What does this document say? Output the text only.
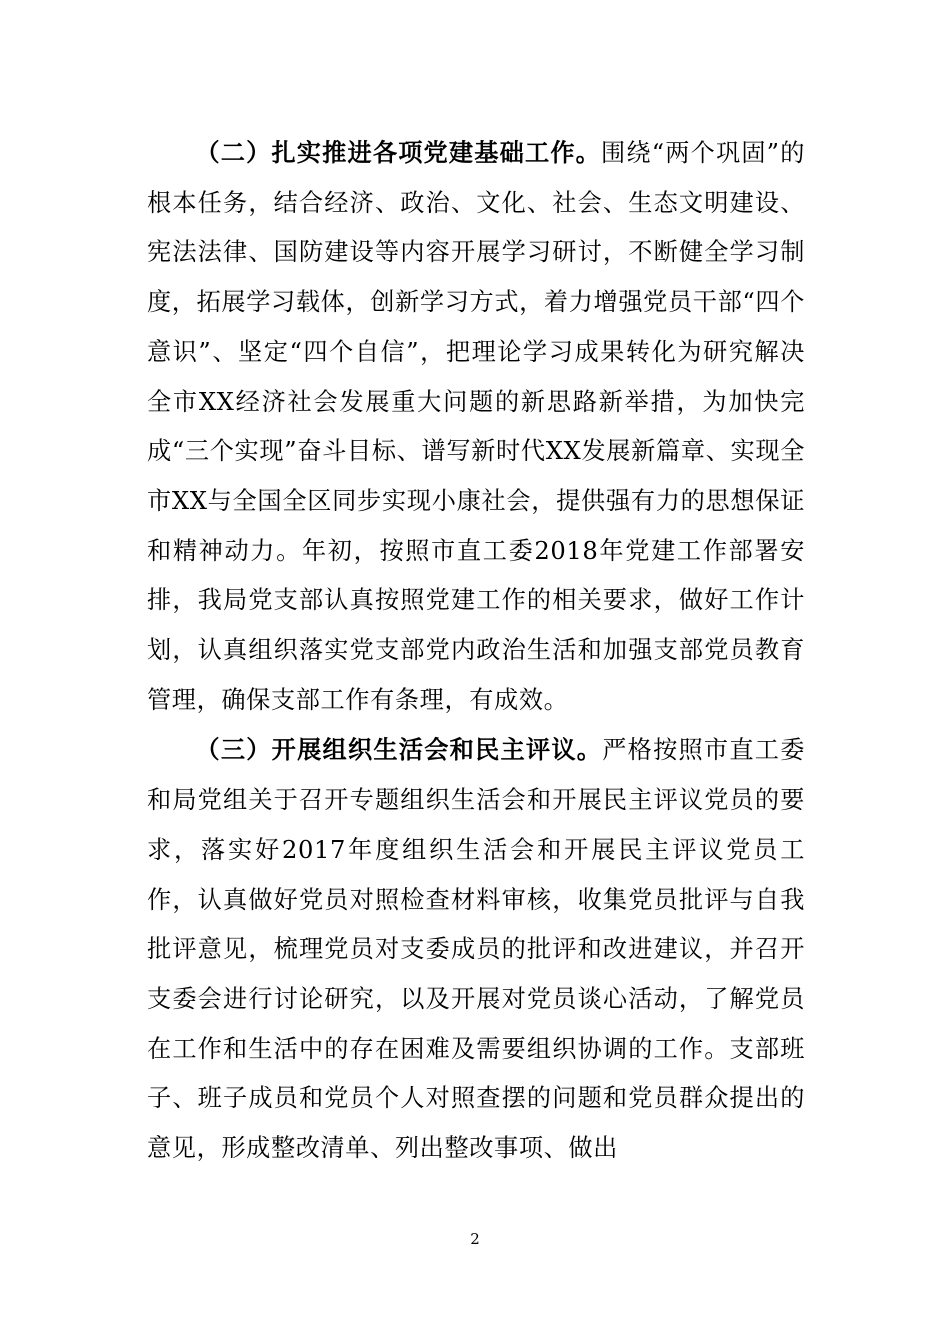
（二）扎实推进各项党建基础工作。围绕“两个巩固”的根本任务，结合经济、政治、文化、社会、生态文明建设、宪法法律、国防建设等内容开展学习研讨，不断健全学习制度，拓展学习载体，创新学习方式，着力增强党员干部“四个意识”、坚定“四个自信”，把理论学习成果转化为研究解决全市XX经济社会发展重大问题的新思路新举措，为加快完成“三个实现”奋斗目标、谱写新时代XX发展新篇章、实现全市XX与全国全区同步实现小康社会，提供强有力的思想保证和精神动力。年初，按照市直工委2018年党建工作部署安排，我局党支部认真按照党建工作的相关要求，做好工作计划，认真组织落实党支部党内政治生活和加强支部党员教育管理，确保支部工作有条理，有成效。

（三）开展组织生活会和民主评议。严格按照市直工委和局党组关于召开专题组织生活会和开展民主评议党员的要求，落实好2017年度组织生活会和开展民主评议党员工作，认真做好党员对照检查材料审核，收集党员批评与自我批评意见，梳理党员对支委成员的批评和改进建议，并召开支委会进行讨论研究，以及开展对党员谈心活动，了解党员在工作和生活中的存在困难及需要组织协调的工作。支部班子、班子成员和党员个人对照查摆的问题和党员群众提出的意见，形成整改清单、列出整改事项、做出

2
